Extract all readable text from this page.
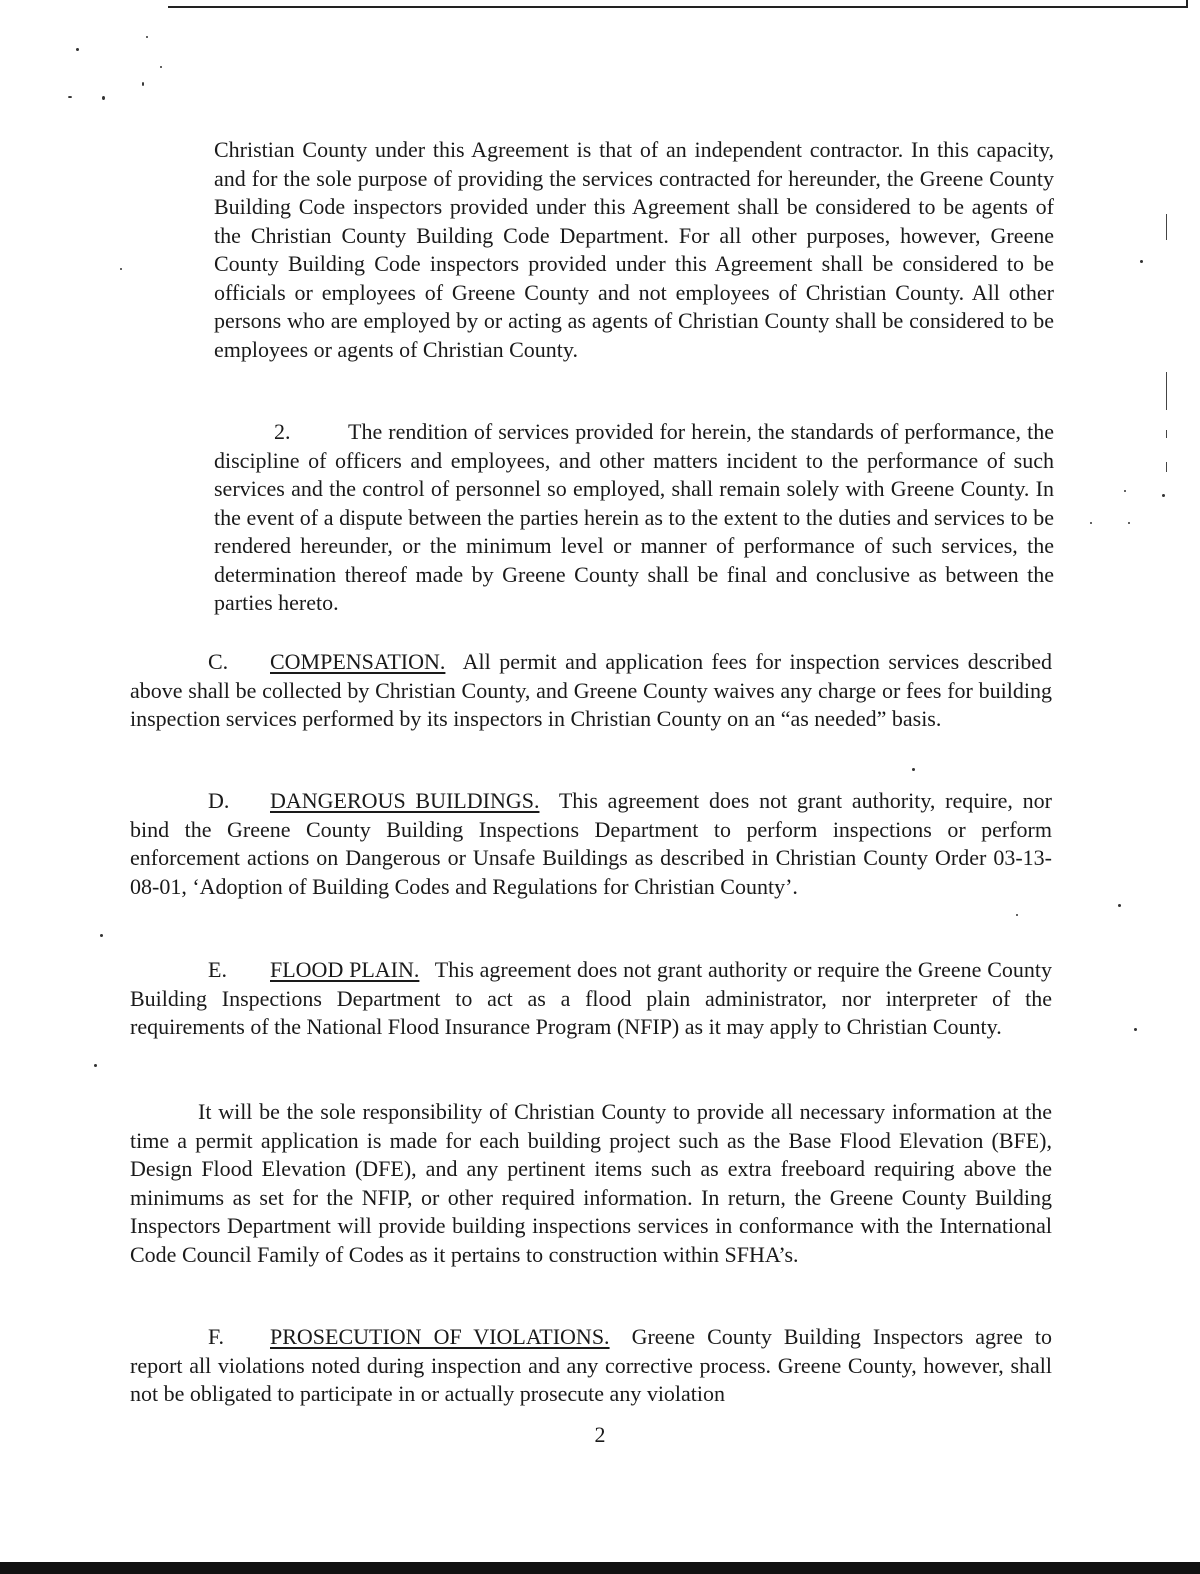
Christian County under this Agreement is that of an independent contractor. In this capacity, and for the sole purpose of providing the services contracted for hereunder, the Greene County Building Code inspectors provided under this Agreement shall be considered to be agents of the Christian County Building Code Department. For all other purposes, however, Greene County Building Code inspectors provided under this Agreement shall be considered to be officials or employees of Greene County and not employees of Christian County. All other persons who are employed by or acting as agents of Christian County shall be considered to be employees or agents of Christian County.

2.	The rendition of services provided for herein, the standards of performance, the discipline of officers and employees, and other matters incident to the performance of such services and the control of personnel so employed, shall remain solely with Greene County. In the event of a dispute between the parties herein as to the extent to the duties and services to be rendered hereunder, or the minimum level or manner of performance of such services, the determination thereof made by Greene County shall be final and conclusive as between the parties hereto.

C. COMPENSATION. All permit and application fees for inspection services described above shall be collected by Christian County, and Greene County waives any charge or fees for building inspection services performed by its inspectors in Christian County on an “as needed” basis.

D. DANGEROUS BUILDINGS. This agreement does not grant authority, require, nor bind the Greene County Building Inspections Department to perform inspections or perform enforcement actions on Dangerous or Unsafe Buildings as described in Christian County Order 03-13-08-01, ‘Adoption of Building Codes and Regulations for Christian County’.

E. FLOOD PLAIN. This agreement does not grant authority or require the Greene County Building Inspections Department to act as a flood plain administrator, nor interpreter of the requirements of the National Flood Insurance Program (NFIP) as it may apply to Christian County.

It will be the sole responsibility of Christian County to provide all necessary information at the time a permit application is made for each building project such as the Base Flood Elevation (BFE), Design Flood Elevation (DFE), and any pertinent items such as extra freeboard requiring above the minimums as set for the NFIP, or other required information. In return, the Greene County Building Inspectors Department will provide building inspections services in conformance with the International Code Council Family of Codes as it pertains to construction within SFHA’s.

F. PROSECUTION OF VIOLATIONS. Greene County Building Inspectors agree to report all violations noted during inspection and any corrective process. Greene County, however, shall not be obligated to participate in or actually prosecute any violation

2
